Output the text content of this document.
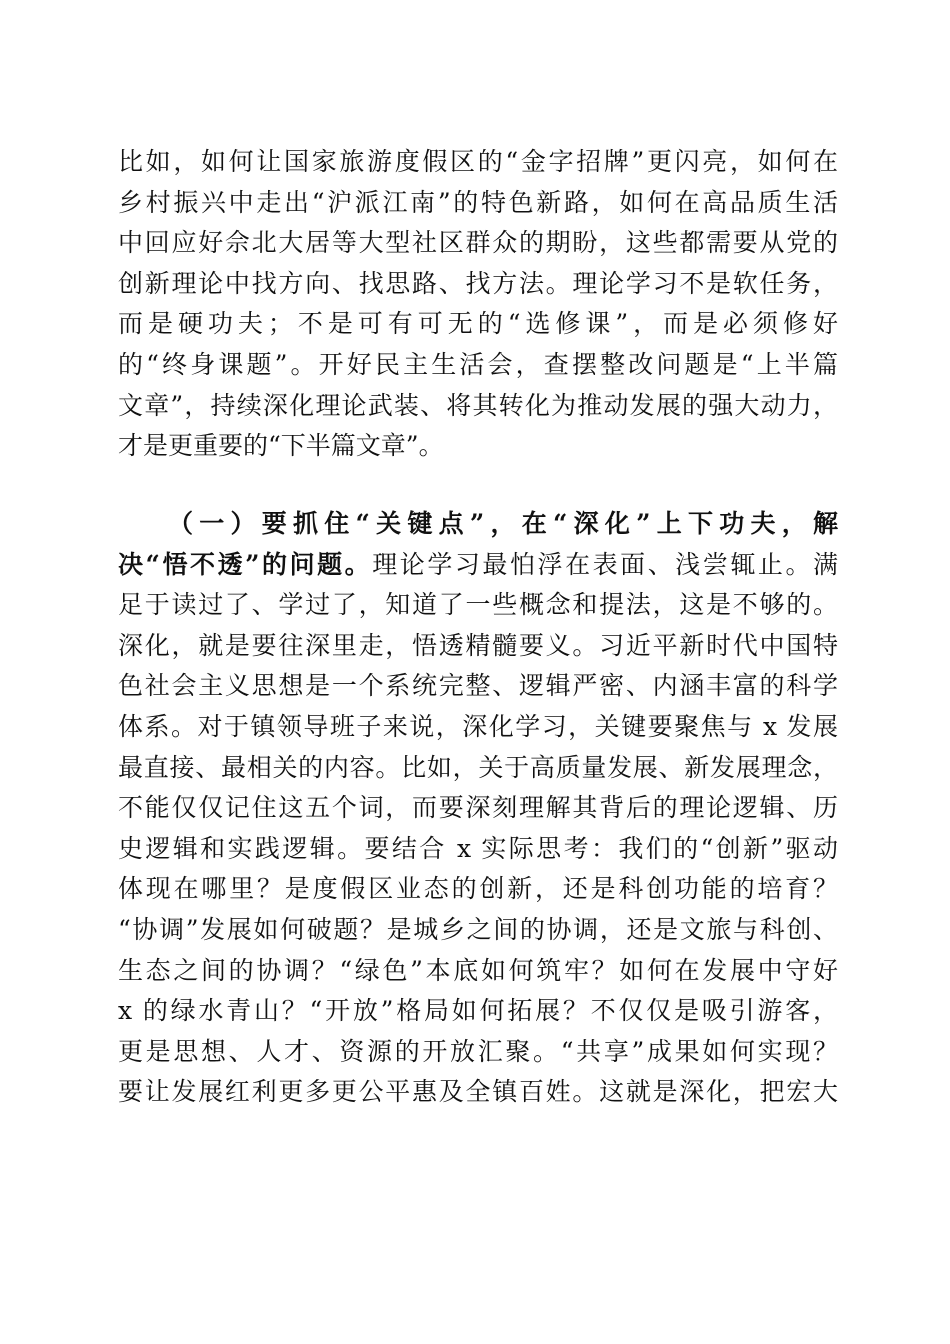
比如，如何让国家旅游度假区的“金字招牌”更闪亮，如何在
乡村振兴中走出“沪派江南”的特色新路，如何在高品质生活
中回应好佘北大居等大型社区群众的期盼，这些都需要从党的
创新理论中找方向、找思路、找方法。理论学习不是软任务，
而是硬功夫；不是可有可无的“选修课”，而是必须修好
的“终身课题”。开好民主生活会，查摆整改问题是“上半篇
文章”，持续深化理论武装、将其转化为推动发展的强大动力，
才是更重要的“下半篇文章”。
（一）要抓住“关键点”，在“深化”上下功夫，解
决“悟不透”的问题。理论学习最怕浮在表面、浅尝辄止。满
足于读过了、学过了，知道了一些概念和提法，这是不够的。
深化，就是要往深里走，悟透精髓要义。习近平新时代中国特
色社会主义思想是一个系统完整、逻辑严密、内涵丰富的科学
体系。对于镇领导班子来说，深化学习，关键要聚焦与 x 发展
最直接、最相关的内容。比如，关于高质量发展、新发展理念，
不能仅仅记住这五个词，而要深刻理解其背后的理论逻辑、历
史逻辑和实践逻辑。要结合 x 实际思考：我们的“创新”驱动
体现在哪里？是度假区业态的创新，还是科创功能的培育？
“协调”发展如何破题？是城乡之间的协调，还是文旅与科创、
生态之间的协调？“绿色”本底如何筑牢？如何在发展中守好
x 的绿水青山？“开放”格局如何拓展？不仅仅是吸引游客，
更是思想、人才、资源的开放汇聚。“共享”成果如何实现？
要让发展红利更多更公平惠及全镇百姓。这就是深化，把宏大
